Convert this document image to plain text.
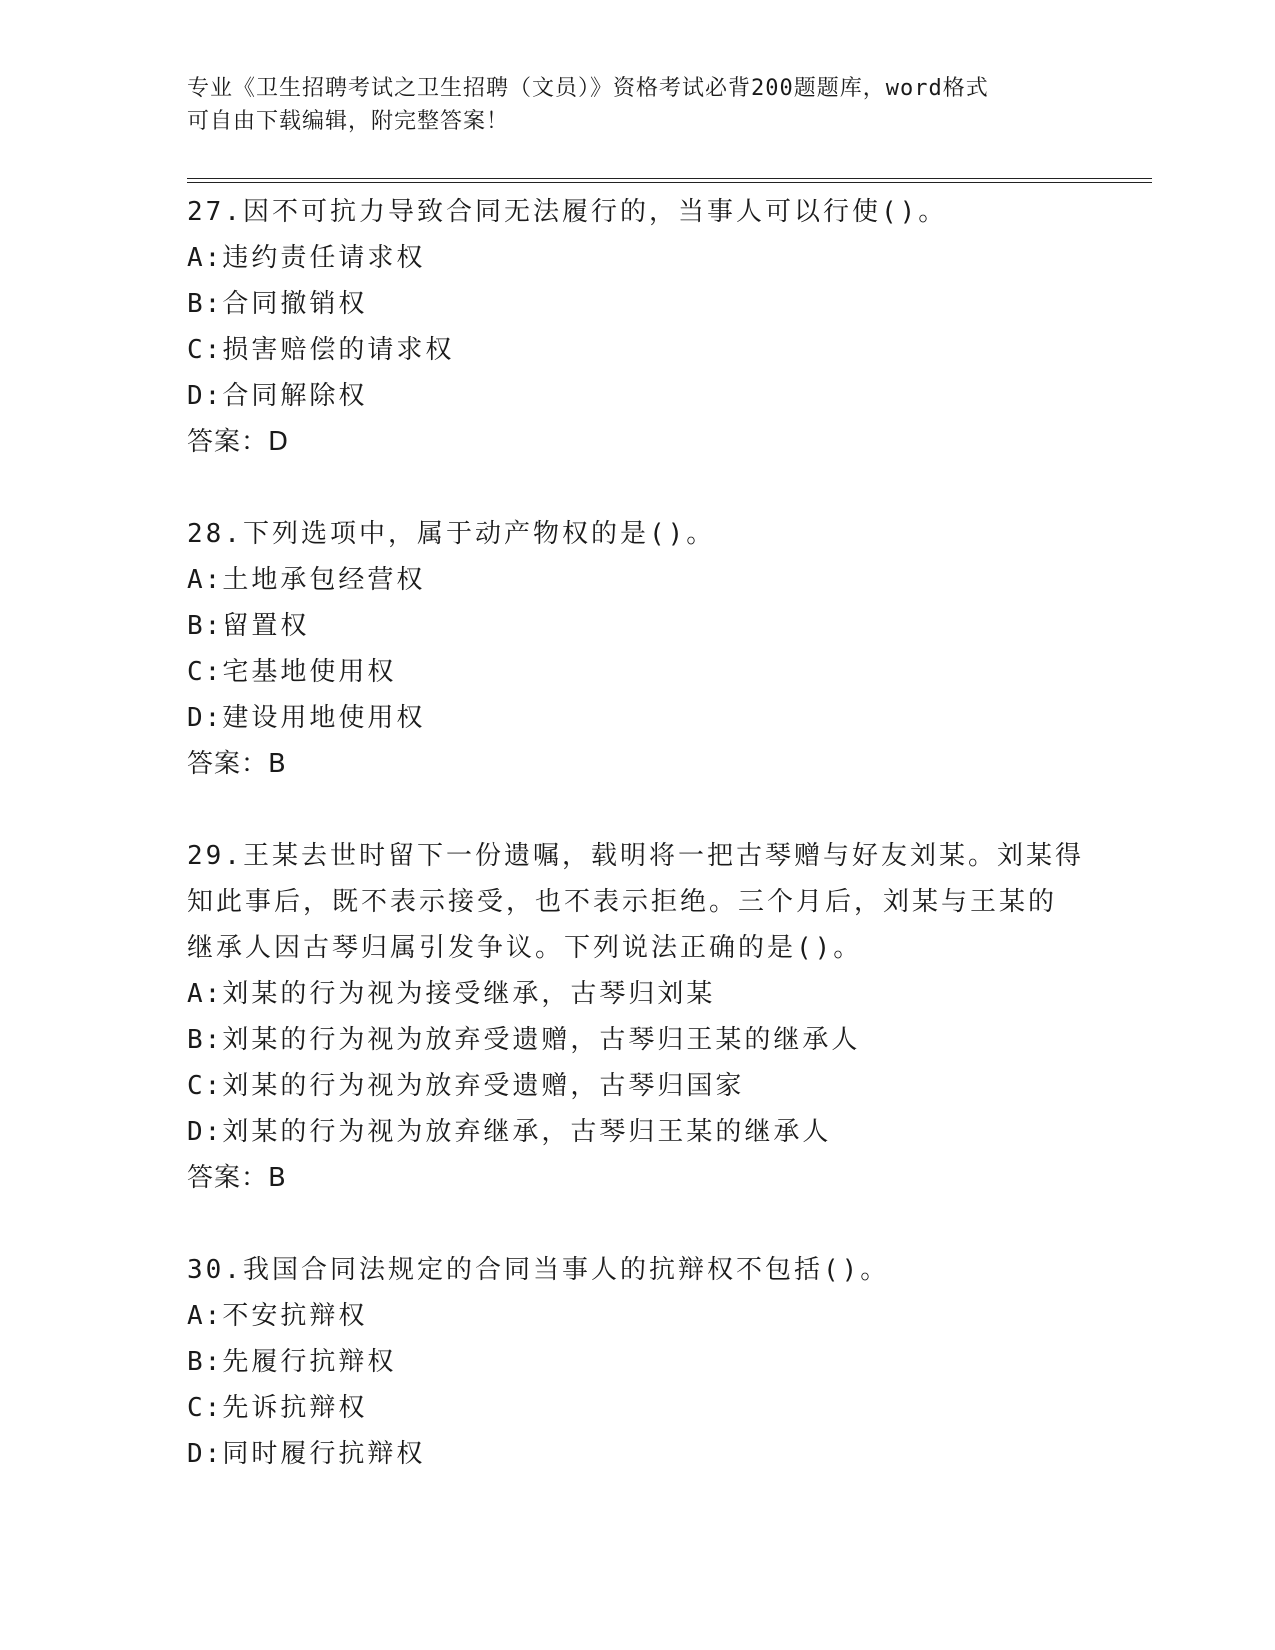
专业《卫生招聘考试之卫生招聘（文员）》资格考试必背200题题库，word格式
可自由下载编辑，附完整答案！
27.因不可抗力导致合同无法履行的，当事人可以行使()。
A:违约责任请求权
B:合同撤销权
C:损害赔偿的请求权
D:合同解除权
答案：D
28.下列选项中，属于动产物权的是()。
A:土地承包经营权
B:留置权
C:宅基地使用权
D:建设用地使用权
答案：B
29.王某去世时留下一份遗嘱，载明将一把古琴赠与好友刘某。刘某得
知此事后，既不表示接受，也不表示拒绝。三个月后，刘某与王某的
继承人因古琴归属引发争议。下列说法正确的是()。
A:刘某的行为视为接受继承，古琴归刘某
B:刘某的行为视为放弃受遗赠，古琴归王某的继承人
C:刘某的行为视为放弃受遗赠，古琴归国家
D:刘某的行为视为放弃继承，古琴归王某的继承人
答案：B
30.我国合同法规定的合同当事人的抗辩权不包括()。
A:不安抗辩权
B:先履行抗辩权
C:先诉抗辩权
D:同时履行抗辩权
